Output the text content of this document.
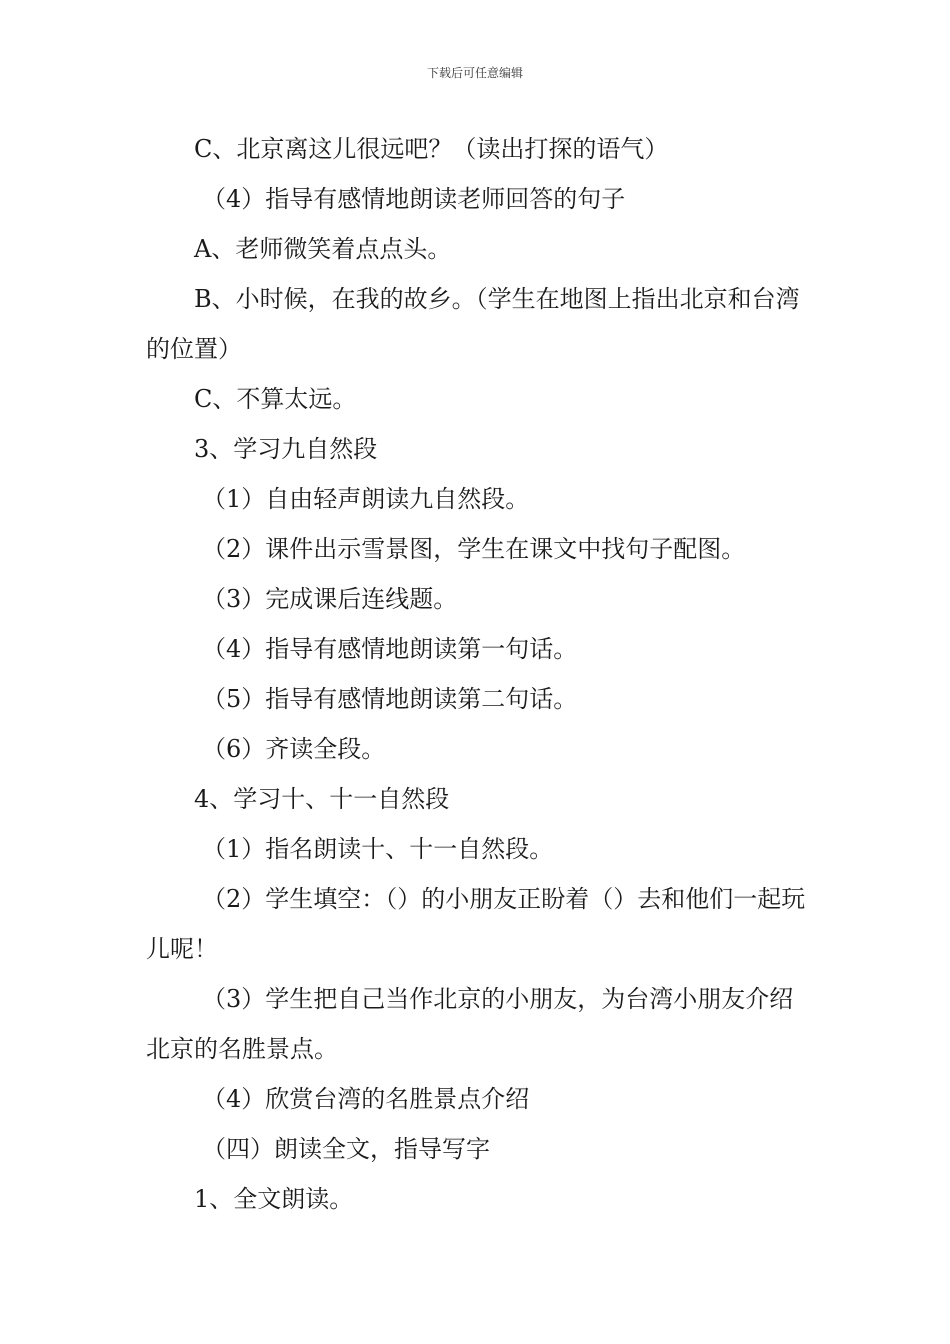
下载后可任意编辑

C、北京离这儿很远吧？（读出打探的语气）

（4）指导有感情地朗读老师回答的句子

A、老师微笑着点点头。

B、小时候，在我的故乡。（学生在地图上指出北京和台湾的位置）

C、不算太远。

3、学习九自然段

（1）自由轻声朗读九自然段。

（2）课件出示雪景图，学生在课文中找句子配图。

（3）完成课后连线题。

（4）指导有感情地朗读第一句话。

（5）指导有感情地朗读第二句话。

（6）齐读全段。

4、学习十、十一自然段

（1）指名朗读十、十一自然段。

（2）学生填空：（）的小朋友正盼着（）去和他们一起玩儿呢！

（3）学生把自己当作北京的小朋友，为台湾小朋友介绍北京的名胜景点。

（4）欣赏台湾的名胜景点介绍

（四）朗读全文，指导写字

1、全文朗读。
